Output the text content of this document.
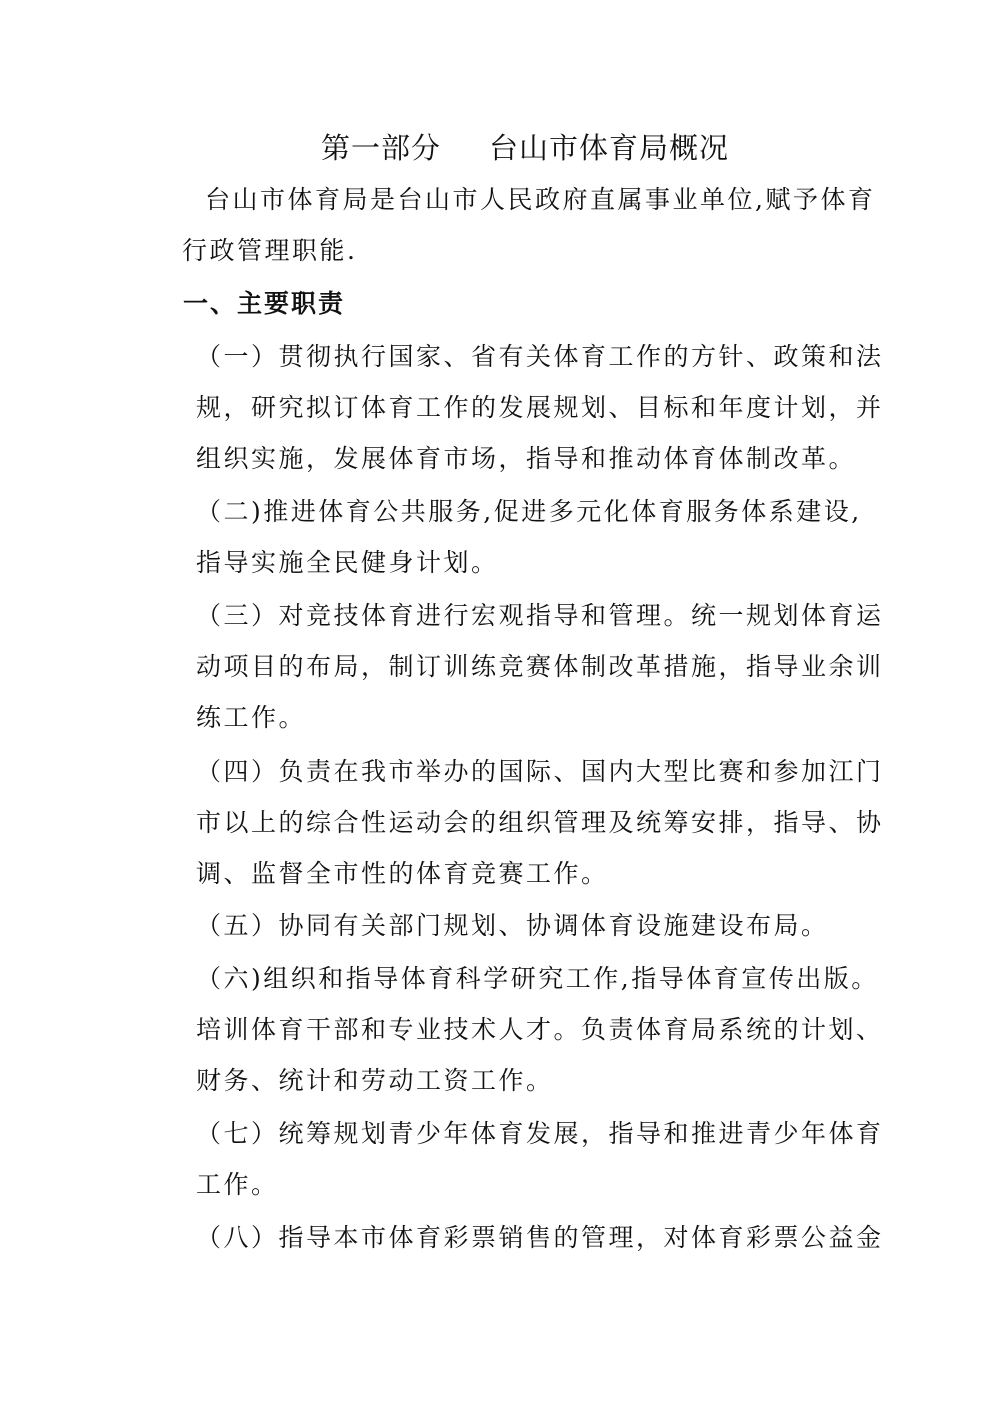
第一部分 台山市体育局概况
台山市体育局是台山市人民政府直属事业单位,赋予体育
行政管理职能.
一、主要职责
（一）贯彻执行国家、省有关体育工作的方针、政策和法
规，研究拟订体育工作的发展规划、目标和年度计划，并
组织实施，发展体育市场，指导和推动体育体制改革。
（二)推进体育公共服务,促进多元化体育服务体系建设,
指导实施全民健身计划。
（三）对竞技体育进行宏观指导和管理。统一规划体育运
动项目的布局，制订训练竞赛体制改革措施，指导业余训
练工作。
（四）负责在我市举办的国际、国内大型比赛和参加江门
市以上的综合性运动会的组织管理及统筹安排，指导、协
调、监督全市性的体育竞赛工作。
（五）协同有关部门规划、协调体育设施建设布局。
（六)组织和指导体育科学研究工作,指导体育宣传出版。
培训体育干部和专业技术人才。负责体育局系统的计划、
财务、统计和劳动工资工作。
（七）统筹规划青少年体育发展，指导和推进青少年体育
工作。
（八）指导本市体育彩票销售的管理，对体育彩票公益金
